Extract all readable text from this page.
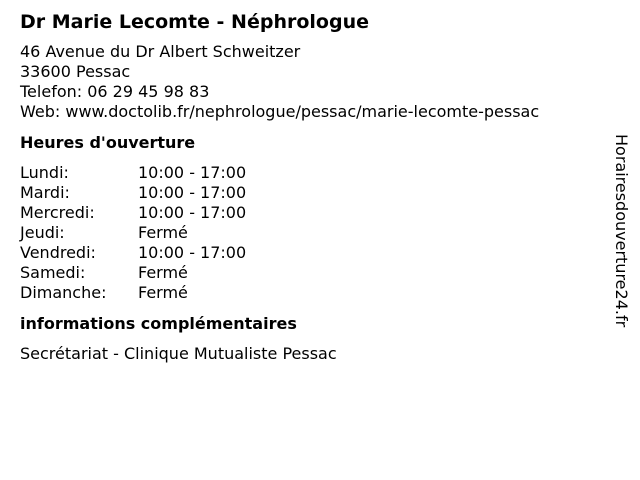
Dr Marie Lecomte - Néphrologue
46 Avenue du Dr Albert Schweitzer
33600 Pessac
Telefon: 06 29 45 98 83
Web: www.doctolib.fr/nephrologue/pessac/marie-lecomte-pessac
Heures d'ouverture
Lundi:	10:00 - 17:00
Mardi:	10:00 - 17:00
Mercredi:	10:00 - 17:00
Jeudi:	Fermé
Vendredi:	10:00 - 17:00
Samedi:	Fermé
Dimanche:	Fermé
informations complémentaires
Secrétariat - Clinique Mutualiste Pessac
Horairesdouverture24.fr
